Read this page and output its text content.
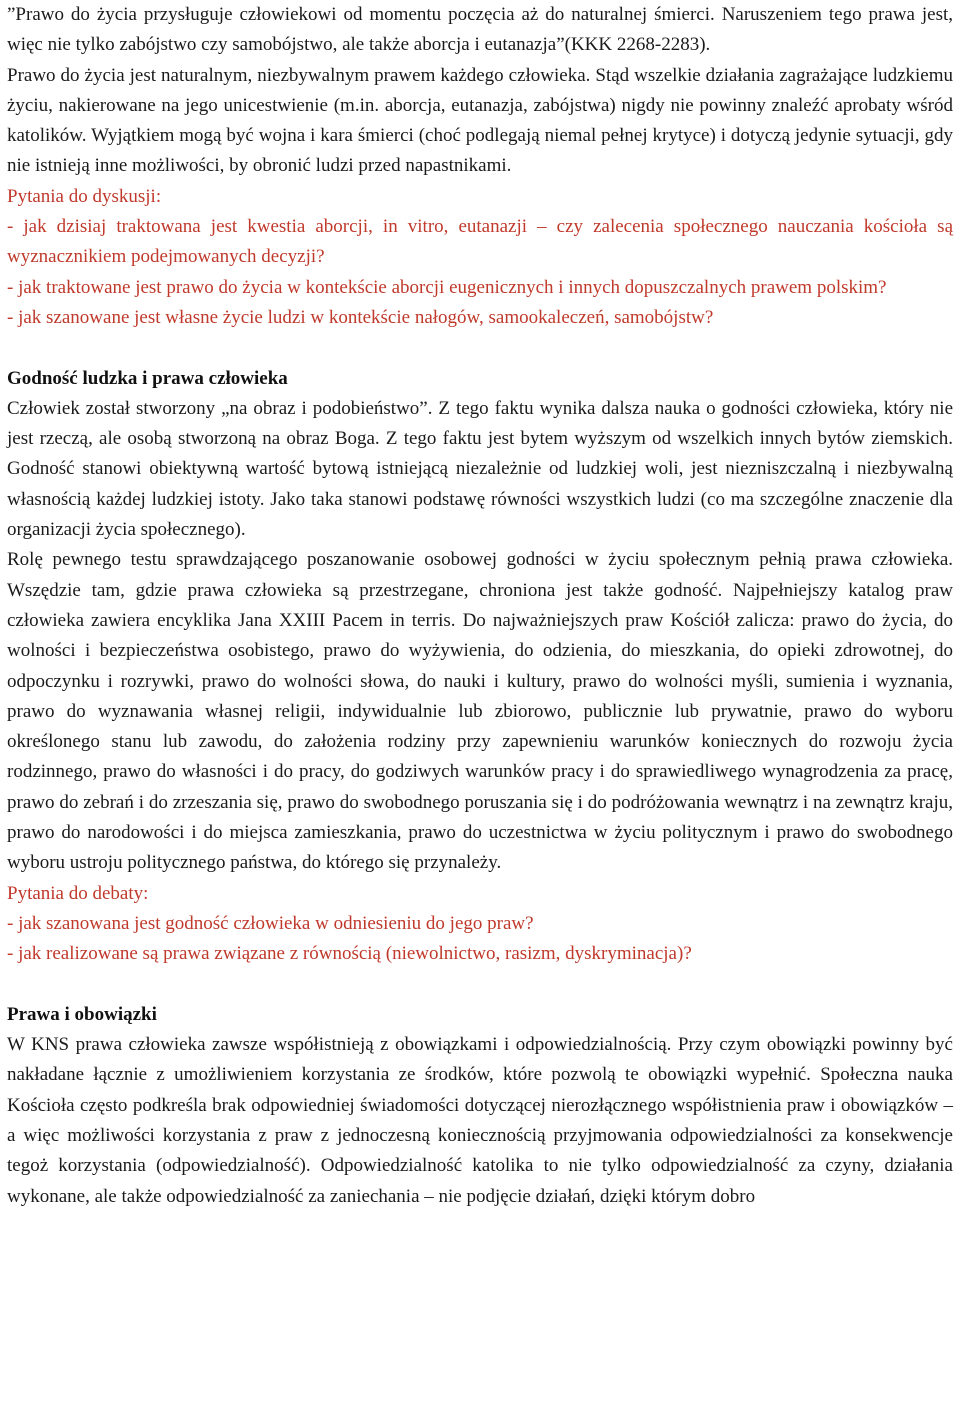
”Prawo do życia przysługuje człowiekowi od momentu poczęcia aż do naturalnej śmierci. Naruszeniem tego prawa jest, więc nie tylko zabójstwo czy samobójstwo, ale także aborcja i eutanazja”(KKK 2268-2283).

Prawo do życia jest naturalnym, niezbywalnym prawem każdego człowieka. Stąd wszelkie działania zagrażające ludzkiemu życiu, nakierowane na jego unicestwienie (m.in. aborcja, eutanazja, zabójstwa) nigdy nie powinny znaleźć aprobaty wśród katolików. Wyjątkiem mogą być wojna i kara śmierci (choć podlegają niemal pełnej krytyce) i dotyczą jedynie sytuacji, gdy nie istnieją inne możliwości, by obronić ludzi przed napastnikami.

Pytania do dyskusji:

- jak dzisiaj traktowana jest kwestia aborcji, in vitro, eutanazji – czy zalecenia społecznego nauczania kościoła są wyznacznikiem podejmowanych decyzji?

- jak traktowane jest prawo do życia w kontekście aborcji eugenicznych i innych dopuszczalnych prawem polskim?

- jak szanowane jest własne życie ludzi w kontekście nałogów, samookaleczeń, samobójstw?

Godność ludzka i prawa człowieka

Człowiek został stworzony „na obraz i podobieństwo”. Z tego faktu wynika dalsza nauka o godności człowieka, który nie jest rzeczą, ale osobą stworzoną na obraz Boga. Z tego faktu jest bytem wyższym od wszelkich innych bytów ziemskich. Godność stanowi obiektywną wartość bytową istniejącą niezależnie od ludzkiej woli, jest niezniszczalną i niezbywalną własnością każdej ludzkiej istoty. Jako taka stanowi podstawę równości wszystkich ludzi (co ma szczególne znaczenie dla organizacji życia społecznego).

Rolę pewnego testu sprawdzającego poszanowanie osobowej godności w życiu społecznym pełnią prawa człowieka. Wszędzie tam, gdzie prawa człowieka są przestrzegane, chroniona jest także godność. Najpełniejszy katalog praw człowieka zawiera encyklika Jana XXIII Pacem in terris. Do najważniejszych praw Kościół zalicza: prawo do życia, do wolności i bezpieczeństwa osobistego, prawo do wyżywienia, do odzienia, do mieszkania, do opieki zdrowotnej, do odpoczynku i rozrywki, prawo do wolności słowa, do nauki i kultury, prawo do wolności myśli, sumienia i wyznania, prawo do wyznawania własnej religii, indywidualnie lub zbiorowo, publicznie lub prywatnie, prawo do wyboru określonego stanu lub zawodu, do założenia rodziny przy zapewnieniu warunków koniecznych do rozwoju życia rodzinnego, prawo do własności i do pracy, do godziwych warunków pracy i do sprawiedliwego wynagrodzenia za pracę, prawo do zebrań i do zrzeszania się, prawo do swobodnego poruszania się i do podróżowania wewnątrz i na zewnątrz kraju, prawo do narodowości i do miejsca zamieszkania, prawo do uczestnictwa w życiu politycznym i prawo do swobodnego wyboru ustroju politycznego państwa, do którego się przynależy.

Pytania do debaty:

- jak szanowana jest godność człowieka w odniesieniu do jego praw?

- jak realizowane są prawa związane z równością (niewolnictwo, rasizm, dyskryminacja)?

Prawa i obowiązki

W KNS prawa człowieka zawsze współistnieją z obowiązkami i odpowiedzialnością. Przy czym obowiązki powinny być nakładane łącznie z umożliwieniem korzystania ze środków, które pozwolą te obowiązki wypełnić. Społeczna nauka Kościoła często podkreśla brak odpowiedniej świadomości dotyczącej nierozłącznego współistnienia praw i obowiązków – a więc możliwości korzystania z praw z jednoczesną koniecznością przyjmowania odpowiedzialności za konsekwencje tegoż korzystania (odpowiedzialność). Odpowiedzialność katolika to nie tylko odpowiedzialność za czyny, działania wykonane, ale także odpowiedzialność za zaniechania – nie podjęcie działań, dzięki którym dobro
